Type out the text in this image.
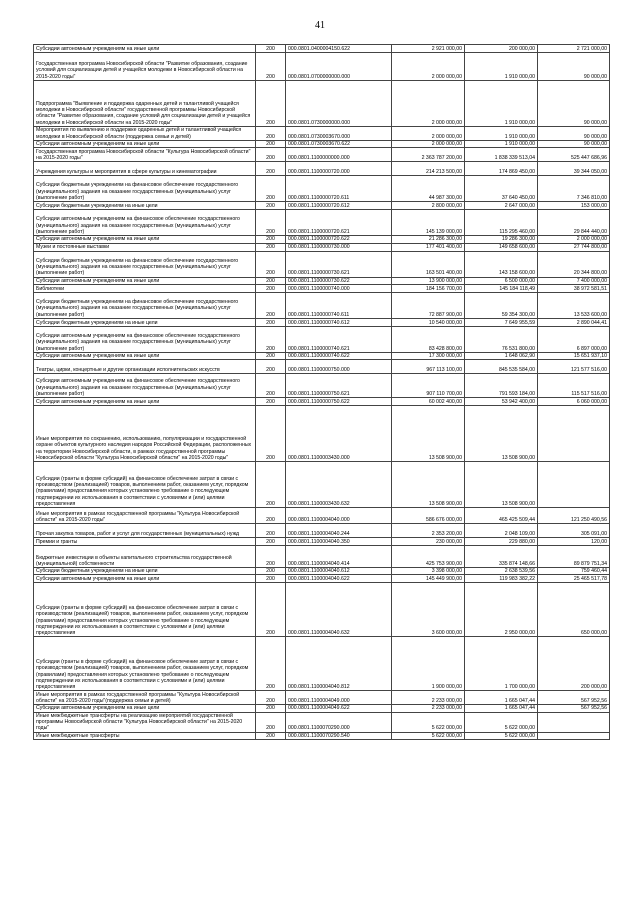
41
Субсидии автономным учреждениям на иные цели	200	000.0801.0400004150.622	2 921 000,00	200 000,00	2 721 000,00
Государственная программа Новосибирской области "Развитие образования, создание условий для социализации детей и учащейся молодежи в Новосибирской области на 2015-2020 годы"	200	000.0801.0700000000.000	2 000 000,00	1 910 000,00	90 000,00
Подпрограмма "Выявление и поддержка одаренных детей и талантливой учащейся молодежи в Новосибирской области" государственной программы Новосибирской области "Развитие образования, создание условий для социализации детей и учащейся молодежи в Новосибирской области на 2015-2020 годы"	200	000.0801.0730000000.000	2 000 000,00	1 910 000,00	90 000,00
Мероприятия по выявлению и поддержке одаренных детей и талантливой учащейся молодежи в Новосибирской области (поддержка семьи и детей)	200	000.0801.0730003670.000	2 000 000,00	1 910 000,00	90 000,00
Субсидии автономным учреждениям на иные цели	200	000.0801.0730003670.622	2 000 000,00	1 910 000,00	90 000,00
Государственная программа Новосибирской области "Культура Новосибирской области" на 2015-2020 годы"	200	000.0801.1100000000.000	2 363 787 200,00	1 838 339 513,04	525 447 686,96
Учреждения культуры и мероприятия в сфере культуры и кинематографии	200	000.0801.1100000720.000	214 213 500,00	174 869 450,00	39 344 050,00
Субсидии бюджетным учреждениям на финансовое обеспечение государственного (муниципального) задания на оказание государственных (муниципальных) услуг (выполнение работ)	200	000.0801.1100000720.611	44 987 300,00	37 640 450,00	7 346 810,00
Субсидии бюджетным учреждениям на иные цели	200	000.0801.1100000720.612	2 800 000,00	2 647 000,00	153 000,00
Субсидии автономным учреждениям на финансовое обеспечение государственного (муниципального) задания на оказание государственных (муниципальных) услуг (выполнение работ)	200	000.0801.1100000720.621	145 139 000,00	115 295 460,00	29 844 440,00
Субсидии автономным учреждениям на иные цели	200	000.0801.1100000720.622	21 286 300,00	19 286 300,00	2 000 000,00
Музеи и постоянные выставки	200	000.0801.1100000730.000	177 401 400,00	149 658 600,00	27 744 800,00
Субсидии бюджетным учреждениям на финансовое обеспечение государственного (муниципального) задания на оказание государственных (муниципальных) услуг (выполнение работ)	200	000.0801.1100000730.621	163 501 400,00	143 158 600,00	20 344 800,00
Субсидии автономным учреждениям на иные цели	200	000.0801.1100000730.622	13 900 000,00	6 500 000,00	7 400 000,00
Библиотеки	200	000.0801.1100000740.000	184 156 700,00	145 184 118,49	38 972 581,51
Субсидии бюджетным учреждениям на финансовое обеспечение государственного (муниципального) задания на оказание государственных (муниципальных) услуг (выполнение работ)	200	000.0801.1100000740.611	72 887 900,00	59 354 300,00	13 533 600,00
Субсидии бюджетным учреждениям на иные цели	200	000.0801.1100000740.612	10 540 000,00	7 649 955,59	2 890 044,41
Субсидии автономным учреждениям на финансовое обеспечение государственного (муниципального) задания на оказание государственных (муниципальных) услуг (выполнение работ)	200	000.0801.1100000740.621	83 428 800,00	76 531 800,00	6 897 000,00
Субсидии автономным учреждениям на иные цели	200	000.0801.1100000740.622	17 300 000,00	1 648 062,90	15 651 937,10
Театры, цирки, концертные и другие организации исполнительских искусств	200	000.0801.1100000750.000	967 113 100,00	845 535 584,00	121 577 516,00
Субсидии автономным учреждениям на финансовое обеспечение государственного (муниципального) задания на оказание государственных (муниципальных) услуг (выполнение работ)	200	000.0801.1100000750.621	907 110 700,00	791 593 184,00	115 517 516,00
Субсидии автономным учреждениям на иные цели	200	000.0801.1100000750.622	60 002 400,00	53 942 400,00	6 060 000,00
Иные мероприятия по сохранению, использованию, популяризации и государственной охране объектов культурного наследия народов Российской Федерации, расположенных на территории Новосибирской области, в рамках государственной программы Новосибирской области "Культура Новосибирской области" на 2015-2020 годы"	200	000.0801.1100003430.000	13 508 900,00	13 508 900,00	
Субсидии (гранты в форме субсидий) на финансовое обеспечение затрат в связи с производством (реализацией) товаров, выполнением работ, оказанием услуг, порядком (правилами) предоставления которых установлено требование о последующем подтверждении их использования в соответствии с условиями и (или) целями предоставления	200	000.0801.1100003430.632	13 508 900,00	13 508 900,00	
Иные мероприятия в рамках государственной программы "Культура Новосибирской области" на 2015-2020 годы"	200	000.0801.1100004040.000	586 676 000,00	465 425 509,44	121 250 490,56
Прочая закупка товаров, работ и услуг для государственных (муниципальных) нужд	200	000.0801.1100004040.244	2 353 200,00	2 048 109,00	305 091,00
Премии и гранты	200	000.0801.1100004040.350	230 000,00	229 880,00	120,00
Бюджетные инвестиции в объекты капитального строительства государственной (муниципальной) собственности	200	000.0801.1100004040.414	425 753 900,00	335 874 148,66	89 879 751,34
Субсидии бюджетным учреждениям на иные цели	200	000.0801.1100004040.612	3 398 000,00	2 638 539,56	759 460,44
Субсидии автономным учреждениям на иные цели	200	000.0801.1100004040.622	145 449 900,00	119 983 382,22	25 465 517,78
Субсидии (гранты в форме субсидий) на финансовое обеспечение затрат в связи с производством (реализацией) товаров, выполнением работ, оказанием услуг, порядком (правилами) предоставления которых установлено требование о последующем подтверждении их использования в соответствии с условиями и (или) целями предоставления	200	000.0801.1100004040.632	3 600 000,00	2 950 000,00	650 000,00
Субсидии (гранты в форме субсидий) на финансовое обеспечение затрат в связи с производством (реализацией) товаров, выполнением работ, оказанием услуг, порядком (правилами) предоставления которых установлено требование о последующем подтверждении их использования в соответствии с условиями и (или) целями предоставления	200	000.0801.1100004040.812	1 900 000,00	1 700 000,00	200 000,00
Иные мероприятия в рамках государственной программы "Культура Новосибирской области" на 2015-2020 годы"(поддержка семьи и детей)	200	000.0801.1100004049.000	2 233 000,00	1 665 047,44	567 952,56
Субсидии автономным учреждениям на иные цели	200	000.0801.1100004049.622	2 233 000,00	1 665 047,44	567 952,56
Иные межбюджетные трансферты на реализацию мероприятий государственной программы Новосибирской области "Культура Новосибирской области" на 2015-2020 годы"	200	000.0801.1100070290.000	5 622 000,00	5 622 000,00	
Иные межбюджетные трансферты	200	000.0801.1100070290.540	5 622 000,00	5 622 000,00	
